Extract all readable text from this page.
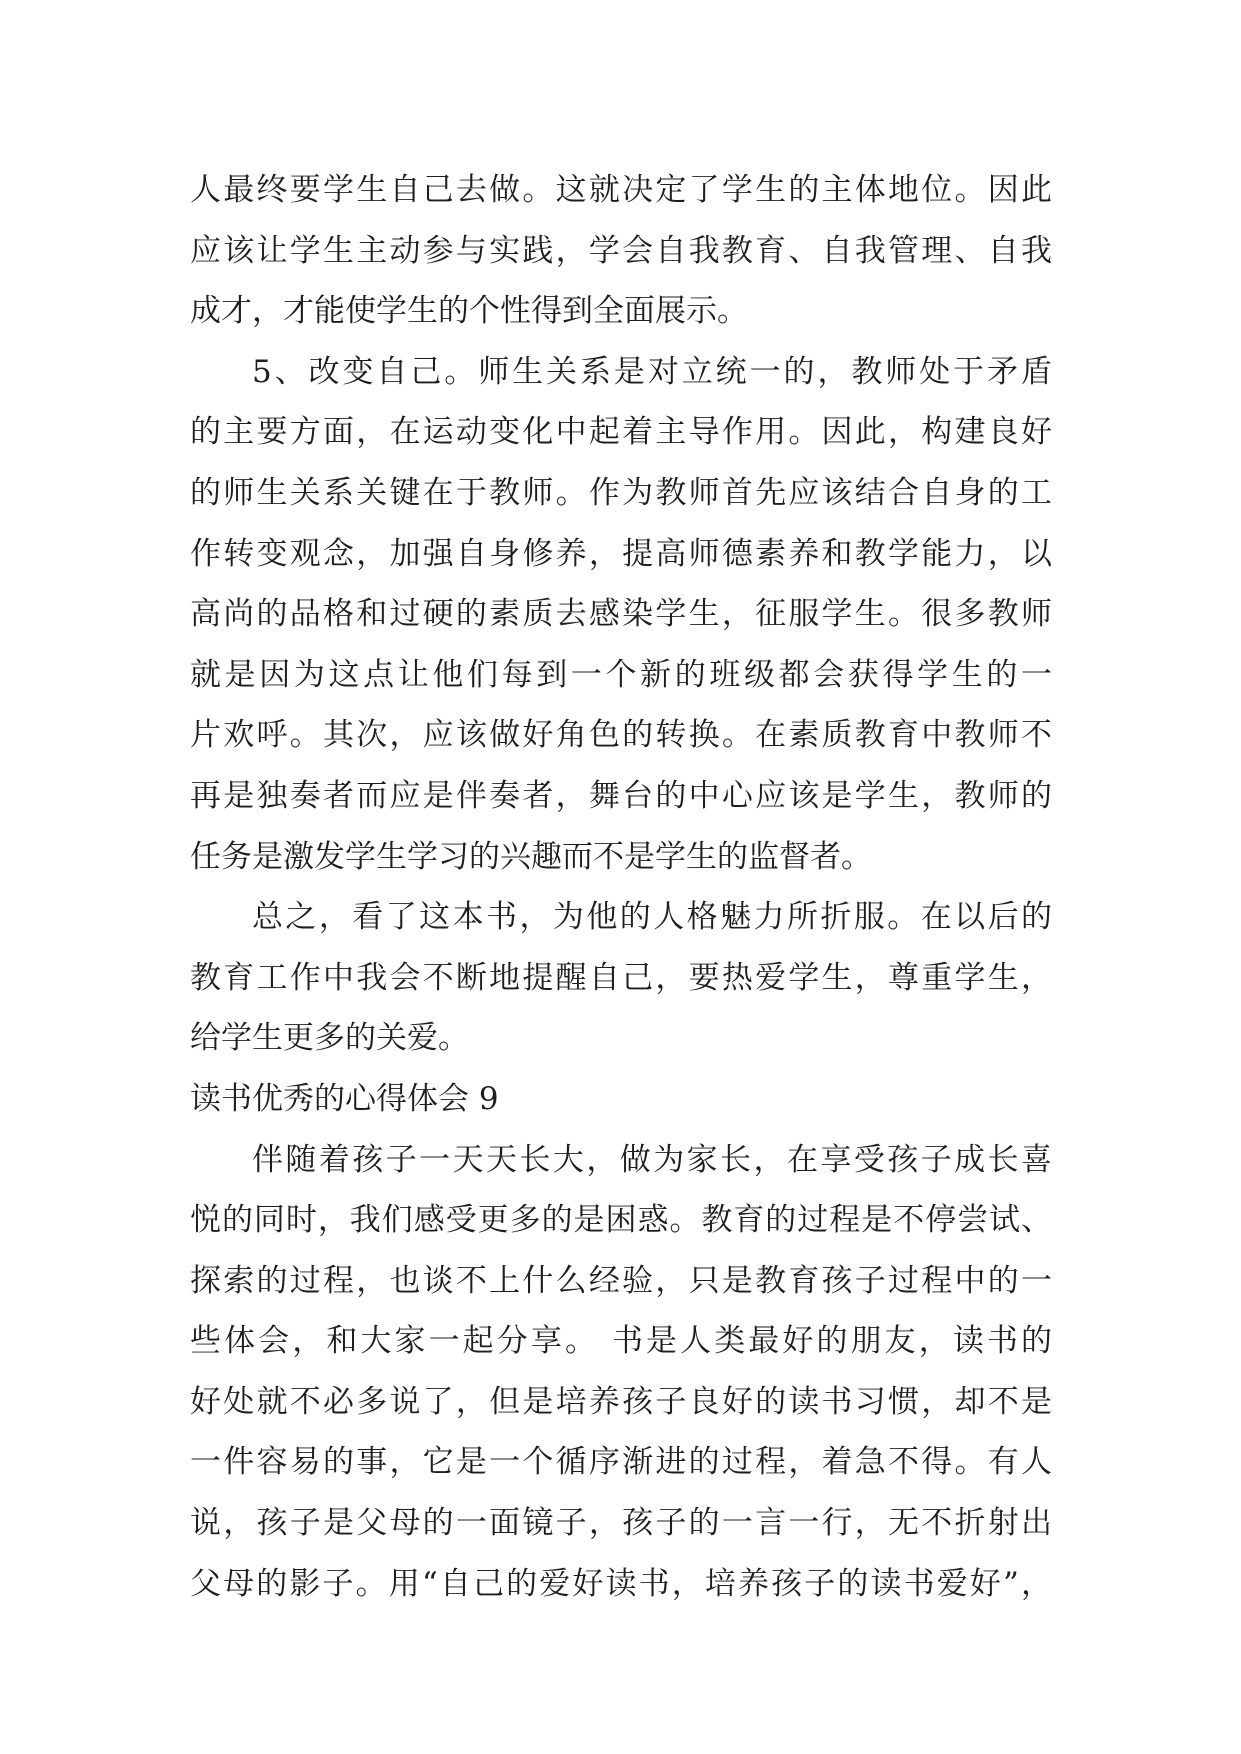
人最终要学生自己去做。这就决定了学生的主体地位。因此
应该让学生主动参与实践，学会自我教育、自我管理、自我
成才，才能使学生的个性得到全面展示。
5、改变自己。师生关系是对立统一的，教师处于矛盾
的主要方面，在运动变化中起着主导作用。因此，构建良好
的师生关系关键在于教师。作为教师首先应该结合自身的工
作转变观念，加强自身修养，提高师德素养和教学能力，以
高尚的品格和过硬的素质去感染学生，征服学生。很多教师
就是因为这点让他们每到一个新的班级都会获得学生的一
片欢呼。其次，应该做好角色的转换。在素质教育中教师不
再是独奏者而应是伴奏者，舞台的中心应该是学生，教师的
任务是激发学生学习的兴趣而不是学生的监督者。
总之，看了这本书，为他的人格魅力所折服。在以后的
教育工作中我会不断地提醒自己，要热爱学生，尊重学生，
给学生更多的关爱。
读书优秀的心得体会 9
伴随着孩子一天天长大，做为家长，在享受孩子成长喜
悦的同时，我们感受更多的是困惑。教育的过程是不停尝试、
探索的过程，也谈不上什么经验，只是教育孩子过程中的一
些体会，和大家一起分享。 书是人类最好的朋友，读书的
好处就不必多说了，但是培养孩子良好的读书习惯，却不是
一件容易的事，它是一个循序渐进的过程，着急不得。有人
说，孩子是父母的一面镜子，孩子的一言一行，无不折射出
父母的影子。用“自己的爱好读书，培养孩子的读书爱好”，
